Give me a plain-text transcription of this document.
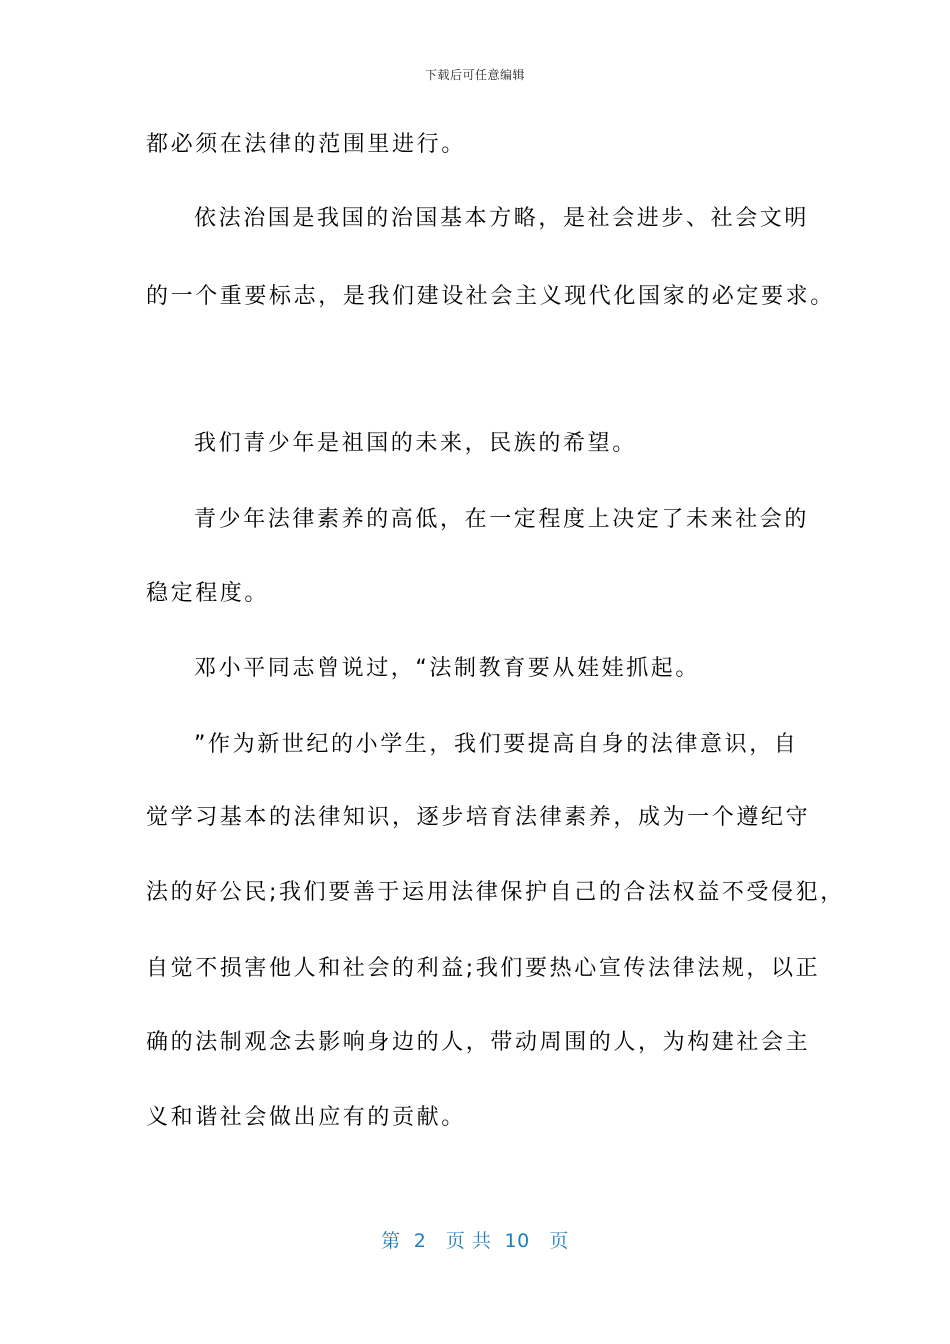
下载后可任意编辑
都必须在法律的范围里进行。
依法治国是我国的治国基本方略，是社会进步、社会文明
的一个重要标志，是我们建设社会主义现代化国家的必定要求。
我们青少年是祖国的未来，民族的希望。
青少年法律素养的高低，在一定程度上决定了未来社会的
稳定程度。
邓小平同志曾说过，“法制教育要从娃娃抓起。
”作为新世纪的小学生，我们要提高自身的法律意识，自
觉学习基本的法律知识，逐步培育法律素养，成为一个遵纪守
法的好公民;我们要善于运用法律保护自己的合法权益不受侵犯，
自觉不损害他人和社会的利益;我们要热心宣传法律法规，以正
确的法制观念去影响身边的人，带动周围的人，为构建社会主
义和谐社会做出应有的贡献。
第  2   页 共  10   页
